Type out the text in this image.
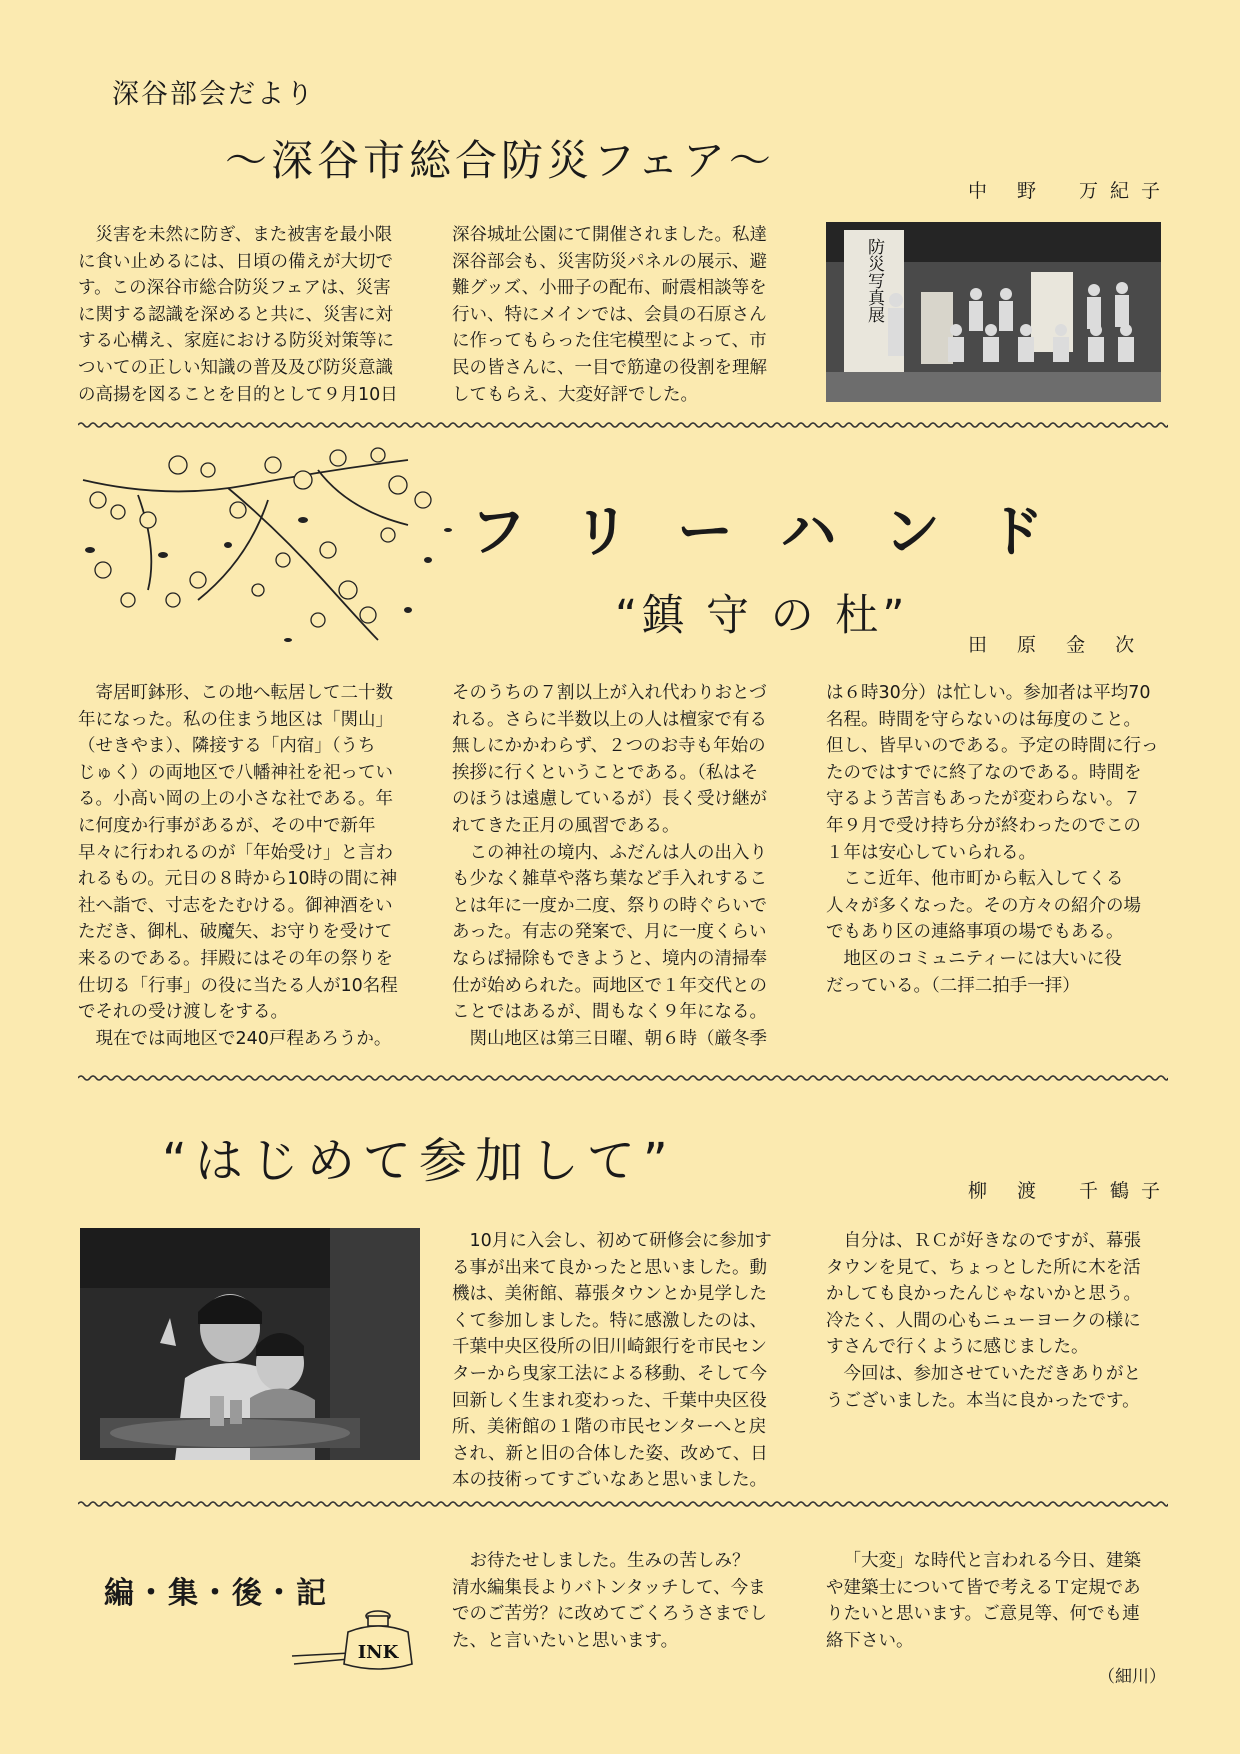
深谷部会だより
～深谷市総合防災フェア～
中 野　万紀子

災害を未然に防ぎ、また被害を最小限

に食い止めるには、日頃の備えが大切で

す。この深谷市総合防災フェアは、災害

に関する認識を深めると共に、災害に対

する心構え、家庭における防災対策等に

ついての正しい知識の普及及び防災意識

の高揚を図ることを目的として９月10日

深谷城址公園にて開催されました。私達

深谷部会も、災害防災パネルの展示、避

難グッズ、小冊子の配布、耐震相談等を

行い、特にメインでは、会員の石原さん

に作ってもらった住宅模型によって、市

民の皆さんに、一目で筋違の役割を理解

してもらえ、大変好評でした。

防災写真展
フ リ ー ハ ン ド
“鎮 守 の 杜”
田 原 金 次

寄居町鉢形、この地へ転居して二十数

年になった。私の住まう地区は「関山」

（せきやま）、隣接する「内宿」（うち

じゅく）の両地区で八幡神社を祀ってい

る。小高い岡の上の小さな社である。年

に何度か行事があるが、その中で新年

早々に行われるのが「年始受け」と言わ

れるもの。元日の８時から10時の間に神

社へ詣で、寸志をたむける。御神酒をい

ただき、御札、破魔矢、お守りを受けて

来るのである。拝殿にはその年の祭りを

仕切る「行事」の役に当たる人が10名程

でそれの受け渡しをする。

現在では両地区で240戸程あろうか。

そのうちの７割以上が入れ代わりおとづ

れる。さらに半数以上の人は檀家で有る

無しにかかわらず、２つのお寺も年始の

挨拶に行くということである。（私はそ

のほうは遠慮しているが）長く受け継が

れてきた正月の風習である。

この神社の境内、ふだんは人の出入り

も少なく雑草や落ち葉など手入れするこ

とは年に一度か二度、祭りの時ぐらいで

あった。有志の発案で、月に一度くらい

ならば掃除もできようと、境内の清掃奉

仕が始められた。両地区で１年交代との

ことではあるが、間もなく９年になる。

関山地区は第三日曜、朝６時（厳冬季

は６時30分）は忙しい。参加者は平均70

名程。時間を守らないのは毎度のこと。

但し、皆早いのである。予定の時間に行っ

たのではすでに終了なのである。時間を

守るよう苦言もあったが変わらない。７

年９月で受け持ち分が終わったのでこの

１年は安心していられる。

ここ近年、他市町から転入してくる

人々が多くなった。その方々の紹介の場

でもあり区の連絡事項の場でもある。

地区のコミュニティーには大いに役

だっている。（二拝二拍手一拝）

“はじめて参加して”
柳 渡　千鶴子

10月に入会し、初めて研修会に参加す

る事が出来て良かったと思いました。動

機は、美術館、幕張タウンとか見学した

くて参加しました。特に感激したのは、

千葉中央区役所の旧川崎銀行を市民セン

ターから曳家工法による移動、そして今

回新しく生まれ変わった、千葉中央区役

所、美術館の１階の市民センターへと戻

され、新と旧の合体した姿、改めて、日

本の技術ってすごいなあと思いました。

自分は、ＲＣが好きなのですが、幕張

タウンを見て、ちょっとした所に木を活

かしても良かったんじゃないかと思う。

冷たく、人間の心もニューヨークの様に

すさんで行くように感じました。

今回は、参加させていただきありがと

うございました。本当に良かったです。

編・集・後・記
INK

お待たせしました。生みの苦しみ？

清水編集長よりバトンタッチして、今ま

でのご苦労？に改めてごくろうさまでし

た、と言いたいと思います。

「大変」な時代と言われる今日、建築

や建築士について皆で考えるＴ定規であ

りたいと思います。ご意見等、何でも連

絡下さい。

（細川）
